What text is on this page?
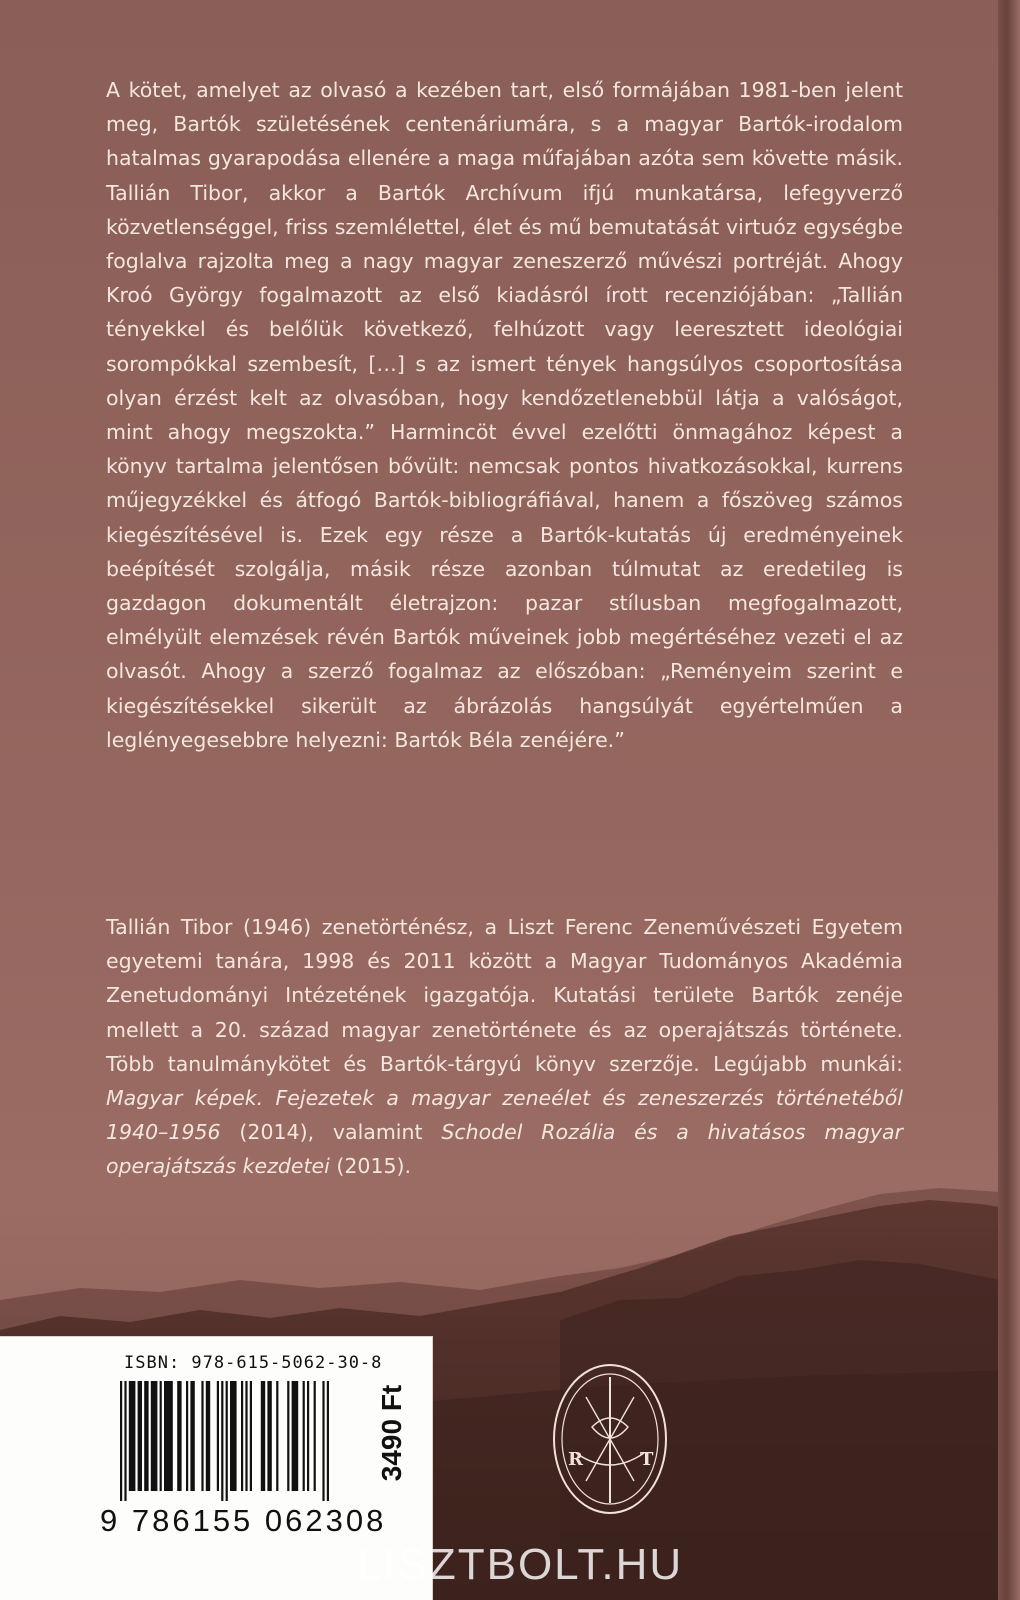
A kötet, amelyet az olvasó a kezében tart, első formájában 1981-ben jelent meg, Bartók születésének centenáriumára, s a magyar Bartók-irodalom hatalmas gyarapodása ellenére a maga műfajában azóta sem követte másik. Tallián Tibor, akkor a Bartók Archívum ifjú munkatársa, lefegyverző közvetlenséggel, friss szemlélettel, élet és mű bemutatását virtuóz egységbe foglalva rajzolta meg a nagy magyar zeneszerző művészi portréját. Ahogy Kroó György fogalmazott az első kiadásról írott recenziójában: „Tallián tényekkel és belőlük következő, felhúzott vagy leeresztett ideológiai sorompókkal szembesít, […] s az ismert tények hangsúlyos csoportosítása olyan érzést kelt az olvasóban, hogy kendőzetlenebbül látja a valóságot, mint ahogy megszokta.” Harmincöt évvel ezelőtti önmagához képest a könyv tartalma jelentősen bővült: nemcsak pontos hivatkozásokkal, kurrens műjegyzékkel és átfogó Bartók-bibliográfiával, hanem a főszöveg számos kiegészítésével is. Ezek egy része a Bartók-kutatás új eredményeinek beépítését szolgálja, másik része azonban túlmutat az eredetileg is gazdagon dokumentált életrajzon: pazar stílusban megfogalmazott, elmélyült elemzések révén Bartók műveinek jobb megértéséhez vezeti el az olvasót. Ahogy a szerző fogalmaz az előszóban: „Reményeim szerint e kiegészítésekkel sikerült az ábrázolás hangsúlyát egyértelműen a leglényegesebbre helyezni: Bartók Béla zenéjére.”

Tallián Tibor (1946) zenetörténész, a Liszt Ferenc Zeneművészeti Egyetem egyetemi tanára, 1998 és 2011 között a Magyar Tudományos Akadémia Zenetudományi Intézetének igazgatója. Kutatási területe Bartók zenéje mellett a 20. század magyar zenetörténete és az operajátszás története. Több tanulmánykötet és Bartók-tárgyú könyv szerzője. Legújabb munkái: Magyar képek. Fejezetek a magyar zeneélet és zeneszerzés történetéből 1940–1956 (2014), valamint Schodel Rozália és a hivatásos magyar operajátszás kezdetei (2015).

ISBN: 978-615-5062-30-8
9 786155 062308
3490 Ft	R	T
LISZTBOLT.HU
